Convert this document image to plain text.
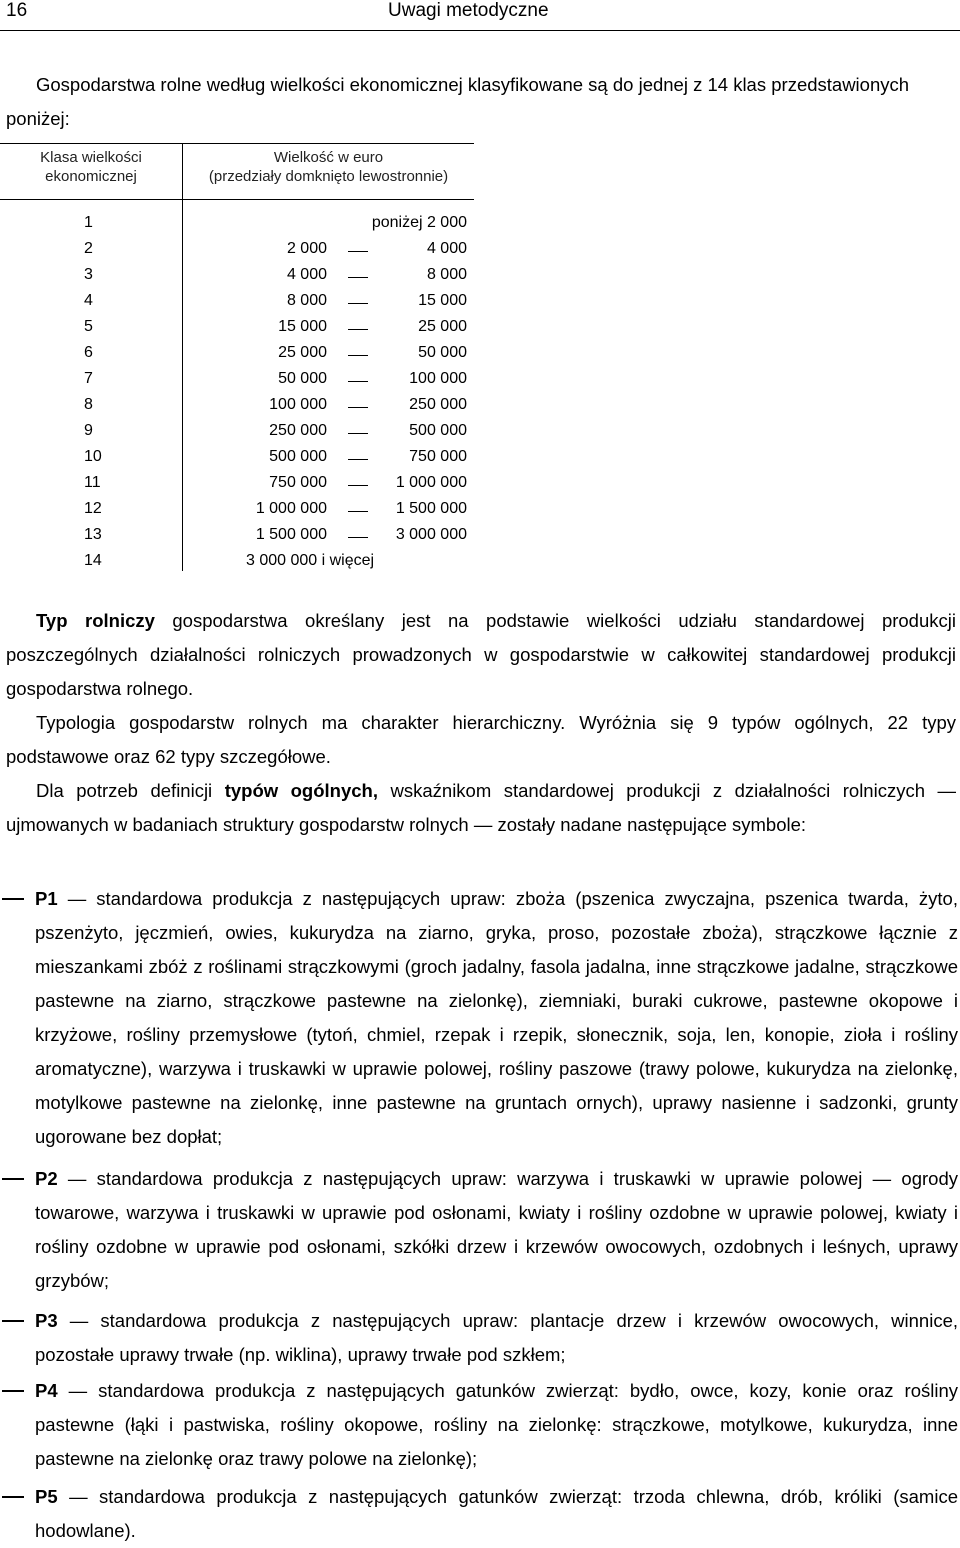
16	Uwagi metodyczne
Gospodarstwa rolne według wielkości ekonomicznej klasyfikowane są do jednej z 14 klas przedstawionych poniżej:
Klasa wielkości
ekonomicznej
Wielkość w euro
(przedziały domknięto lewostronnie)
1	poniżej 2 000
2	2 000	4 000
3	4 000	8 000
4	8 000	15 000
5	15 000	25 000
6	25 000	50 000
7	50 000	100 000
8	100 000	250 000
9	250 000	500 000
10	500 000	750 000
11	750 000	1 000 000
12	1 000 000	1 500 000
13	1 500 000	3 000 000
14	3 000 000 i więcej

Typ rolniczy gospodarstwa określany jest na podstawie wielkości udziału standardowej produkcji poszczególnych działalności rolniczych prowadzonych w gospodarstwie w całkowitej standardowej produkcji gospodarstwa rolnego.

Typologia gospodarstw rolnych ma charakter hierarchiczny. Wyróżnia się 9 typów ogólnych, 22 typy podstawowe oraz 62 typy szczegółowe.

Dla potrzeb definicji typów ogólnych, wskaźnikom standardowej produkcji z działalności rolniczych — ujmowanych w badaniach struktury gospodarstw rolnych — zostały nadane następujące symbole:

P1 — standardowa produkcja z następujących upraw: zboża (pszenica zwyczajna, pszenica twarda, żyto, pszenżyto, jęczmień, owies, kukurydza na ziarno, gryka, proso, pozostałe zboża), strączkowe łącznie z mieszankami zbóż z roślinami strączkowymi (groch jadalny, fasola jadalna, inne strączkowe jadalne, strączkowe pastewne na ziarno, strączkowe pastewne na zielonkę), ziemniaki, buraki cukrowe, pastewne okopowe i krzyżowe, rośliny przemysłowe (tytoń, chmiel, rzepak i rzepik, słonecznik, soja, len, konopie, zioła i rośliny aromatyczne), warzywa i truskawki w uprawie polowej, rośliny paszowe (trawy polowe, kukurydza na zielonkę, motylkowe pastewne na zielonkę, inne pastewne na gruntach ornych), uprawy nasienne i sadzonki, grunty ugorowane bez dopłat;
P2 — standardowa produkcja z następujących upraw: warzywa i truskawki w uprawie polowej — ogrody towarowe, warzywa i truskawki w uprawie pod osłonami, kwiaty i rośliny ozdobne w uprawie polowej, kwiaty i rośliny ozdobne w uprawie pod osłonami, szkółki drzew i krzewów owocowych, ozdobnych i leśnych, uprawy grzybów;
P3 — standardowa produkcja z następujących upraw: plantacje drzew i krzewów owocowych, winnice, pozostałe uprawy trwałe (np. wiklina), uprawy trwałe pod szkłem;
P4 — standardowa produkcja z następujących gatunków zwierząt: bydło, owce, kozy, konie oraz rośliny pastewne (łąki i pastwiska, rośliny okopowe, rośliny na zielonkę: strączkowe, motylkowe, kukurydza, inne pastewne na zielonkę oraz trawy polowe na zielonkę);
P5 — standardowa produkcja z następujących gatunków zwierząt: trzoda chlewna, drób, króliki (samice hodowlane).
